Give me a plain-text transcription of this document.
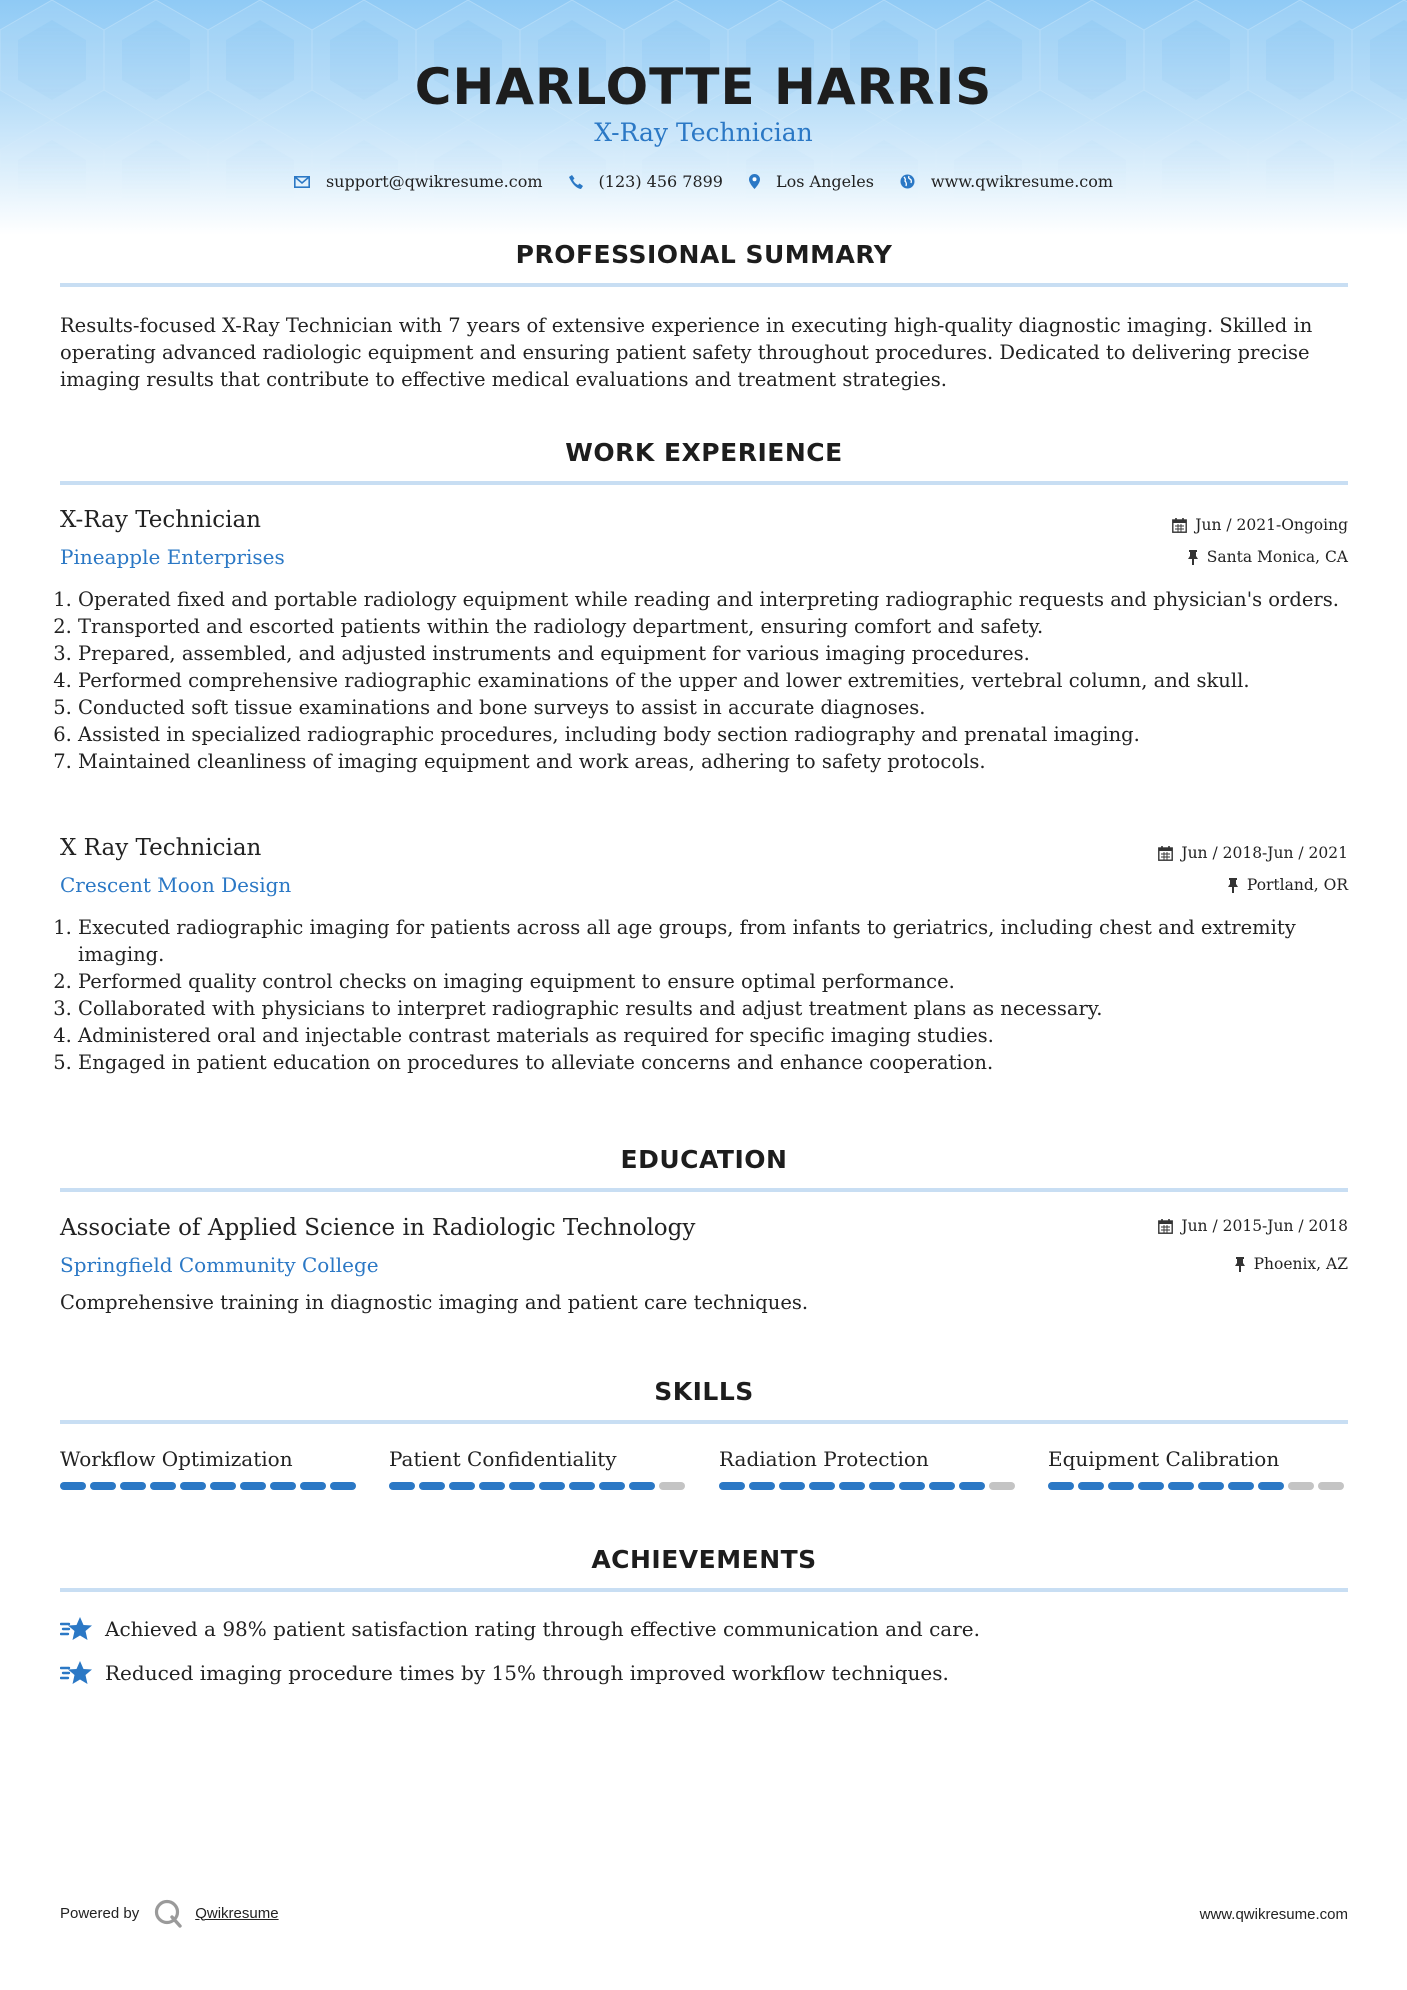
CHARLOTTE HARRIS
X-Ray Technician
support@qwikresume.com	(123) 456 7899	Los Angeles	www.qwikresume.com
PROFESSIONAL SUMMARY
Results-focused X-Ray Technician with 7 years of extensive experience in executing high-quality diagnostic imaging. Skilled in operating advanced radiologic equipment and ensuring patient safety throughout procedures. Dedicated to delivering precise imaging results that contribute to effective medical evaluations and treatment strategies.
WORK EXPERIENCE
X-Ray Technician
Pineapple Enterprises
Jun / 2021-Ongoing
Santa Monica, CA
1. Operated fixed and portable radiology equipment while reading and interpreting radiographic requests and physician's orders.
2. Transported and escorted patients within the radiology department, ensuring comfort and safety.
3. Prepared, assembled, and adjusted instruments and equipment for various imaging procedures.
4. Performed comprehensive radiographic examinations of the upper and lower extremities, vertebral column, and skull.
5. Conducted soft tissue examinations and bone surveys to assist in accurate diagnoses.
6. Assisted in specialized radiographic procedures, including body section radiography and prenatal imaging.
7. Maintained cleanliness of imaging equipment and work areas, adhering to safety protocols.
X Ray Technician
Crescent Moon Design
Jun / 2018-Jun / 2021
Portland, OR
1. Executed radiographic imaging for patients across all age groups, from infants to geriatrics, including chest and extremity imaging.
2. Performed quality control checks on imaging equipment to ensure optimal performance.
3. Collaborated with physicians to interpret radiographic results and adjust treatment plans as necessary.
4. Administered oral and injectable contrast materials as required for specific imaging studies.
5. Engaged in patient education on procedures to alleviate concerns and enhance cooperation.
EDUCATION
Associate of Applied Science in Radiologic Technology
Springfield Community College
Jun / 2015-Jun / 2018
Phoenix, AZ
Comprehensive training in diagnostic imaging and patient care techniques.
SKILLS
Workflow Optimization	Patient Confidentiality	Radiation Protection	Equipment Calibration
ACHIEVEMENTS
Achieved a 98% patient satisfaction rating through effective communication and care.
Reduced imaging procedure times by 15% through improved workflow techniques.
Powered by	Qwikresume	www.qwikresume.com
